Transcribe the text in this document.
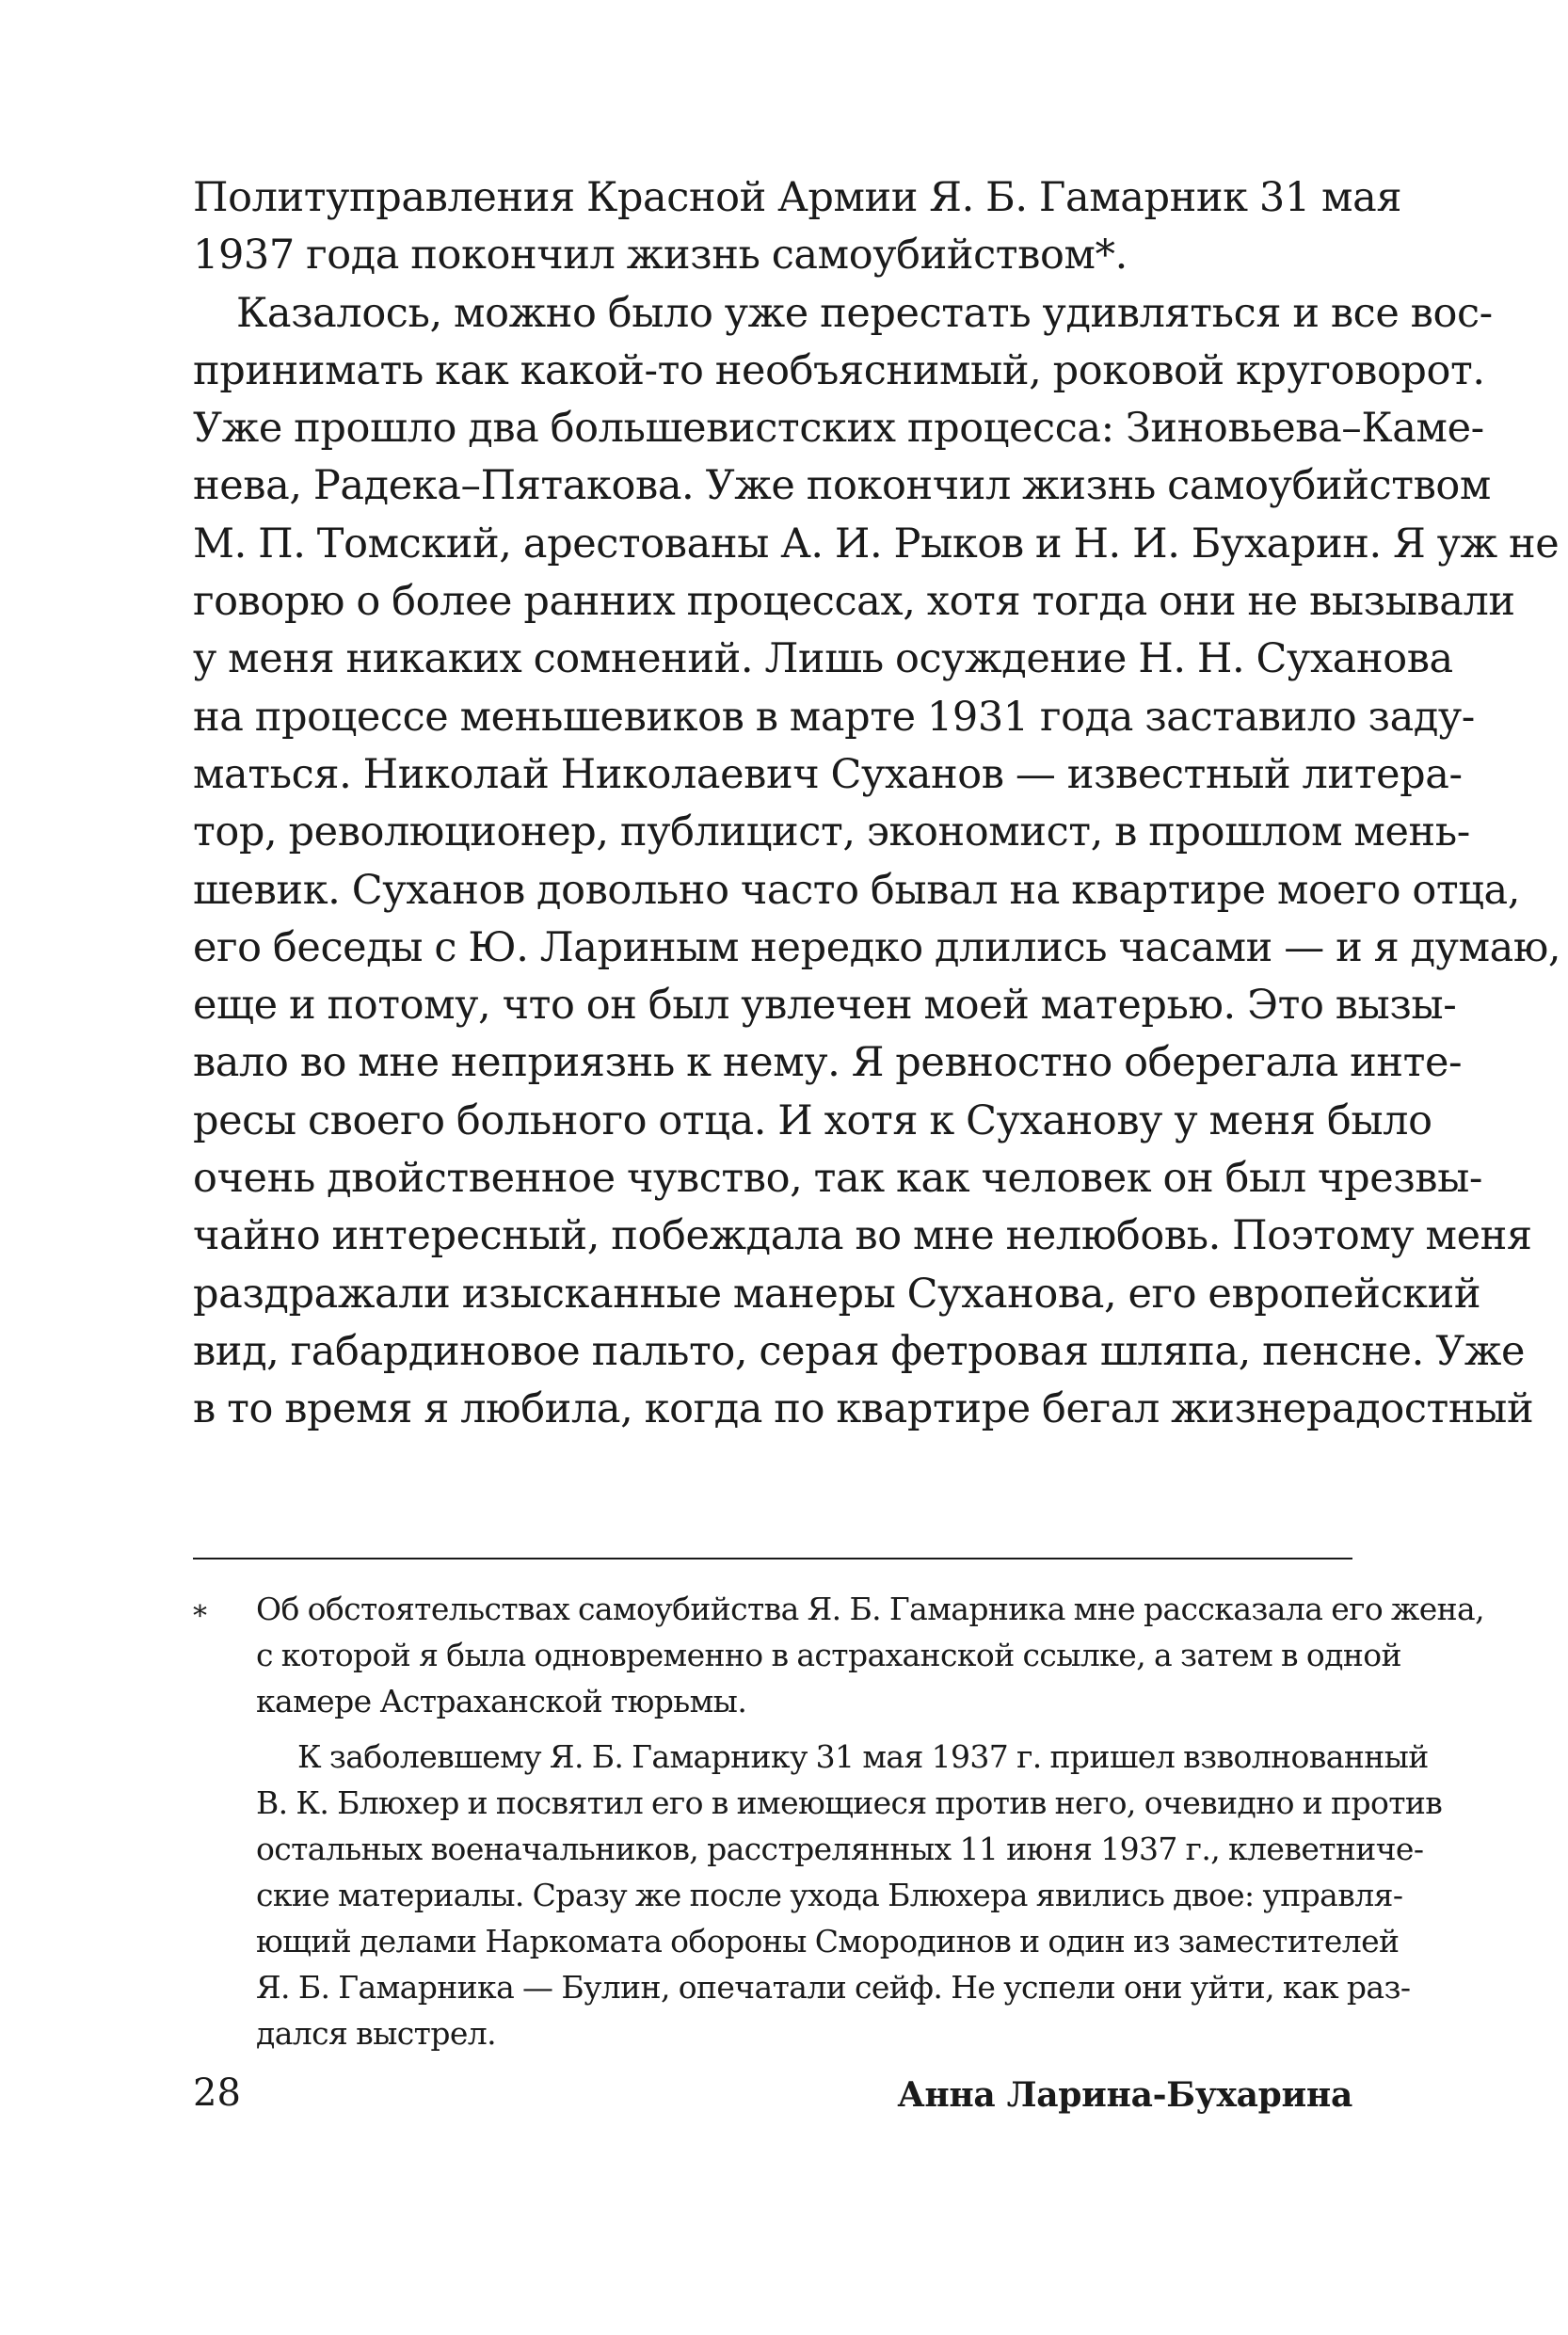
Политуправления Красной Армии Я. Б. Гамарник 31 мая
1937 года покончил жизнь самоубийством*.
Казалось, можно было уже перестать удивляться и все вос-
принимать как какой-то необъяснимый, роковой круговорот.
Уже прошло два большевистских процесса: Зиновьева–Каме-
нева, Радека–Пятакова. Уже покончил жизнь самоубийством
М. П. Томский, арестованы А. И. Рыков и Н. И. Бухарин. Я уж не
говорю о более ранних процессах, хотя тогда они не вызывали
у меня никаких сомнений. Лишь осуждение Н. Н. Суханова
на процессе меньшевиков в марте 1931 года заставило заду-
маться. Николай Николаевич Суханов — известный литера-
тор, революционер, публицист, экономист, в прошлом мень-
шевик. Суханов довольно часто бывал на квартире моего отца,
его беседы с Ю. Лариным нередко длились часами — и я думаю,
еще и потому, что он был увлечен моей матерью. Это вызы-
вало во мне неприязнь к нему. Я ревностно оберегала инте-
ресы своего больного отца. И хотя к Суханову у меня было
очень двойственное чувство, так как человек он был чрезвы-
чайно интересный, побеждала во мне нелюбовь. Поэтому меня
раздражали изысканные манеры Суханова, его европейский
вид, габардиновое пальто, серая фетровая шляпа, пенсне. Уже
в то время я любила, когда по квартире бегал жизнерадостный
* Об обстоятельствах самоубийства Я. Б. Гамарника мне рассказала его жена,
с которой я была одновременно в астраханской ссылке, а затем в одной
камере Астраханской тюрьмы.
К заболевшему Я. Б. Гамарнику 31 мая 1937 г. пришел взволнованный
В. К. Блюхер и посвятил его в имеющиеся против него, очевидно и против
остальных военачальников, расстрелянных 11 июня 1937 г., клеветниче-
ские материалы. Сразу же после ухода Блюхера явились двое: управля-
ющий делами Наркомата обороны Смородинов и один из заместителей
Я. Б. Гамарника — Булин, опечатали сейф. Не успели они уйти, как раз-
дался выстрел.
28	Анна Ларина-Бухарина
